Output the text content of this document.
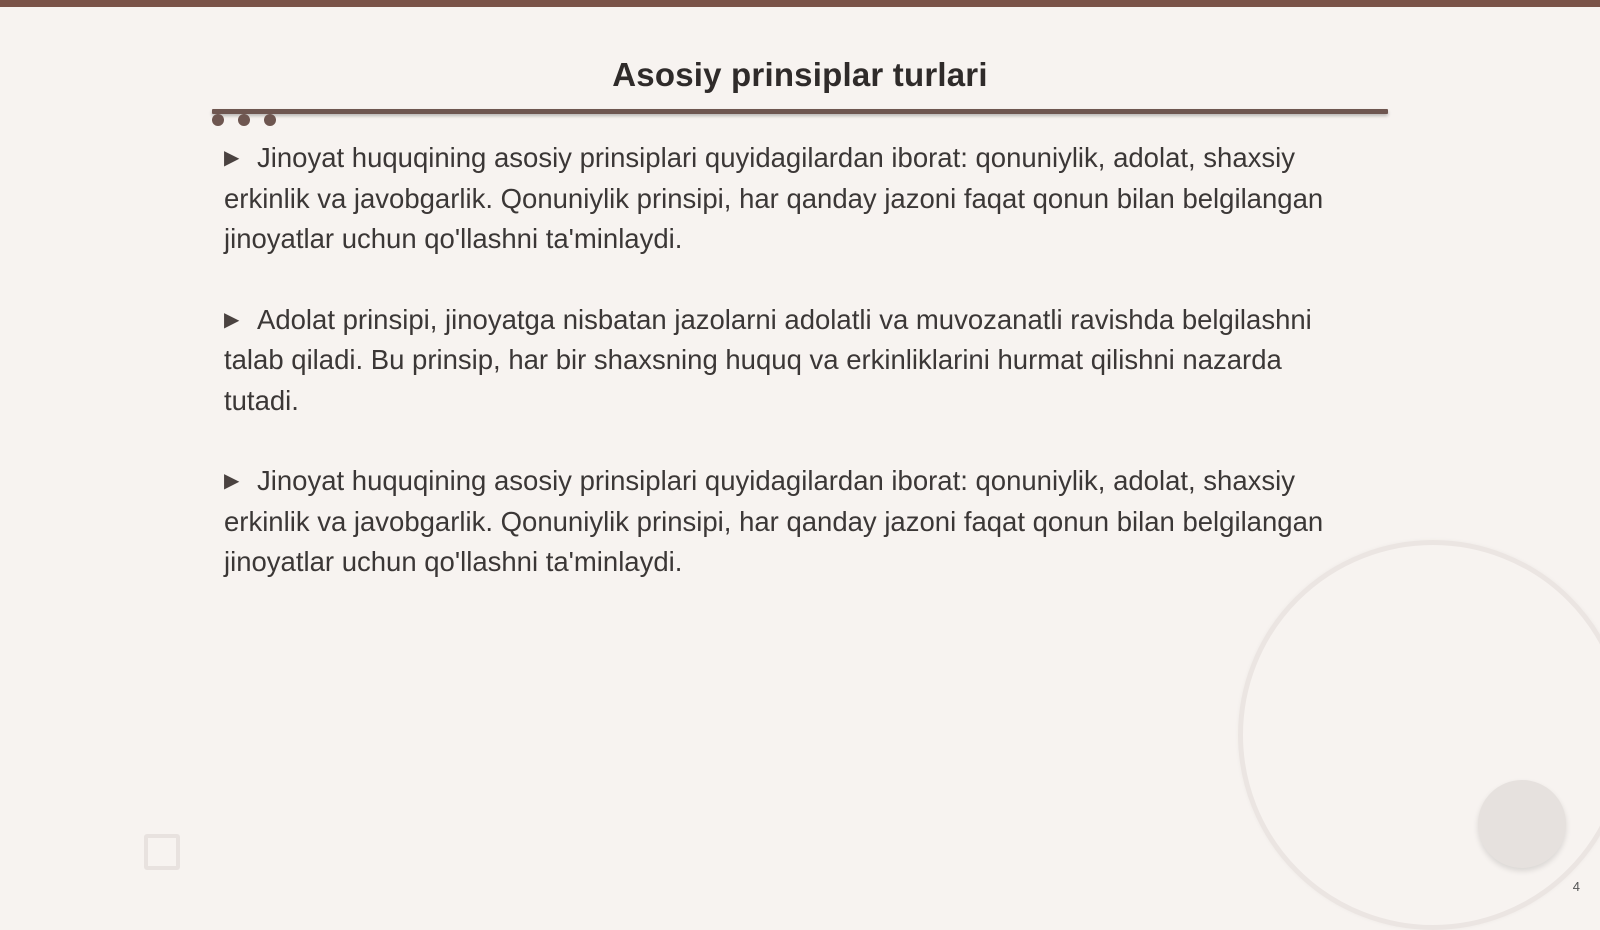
Asosiy prinsiplar turlari

▶ Jinoyat huquqining asosiy prinsiplari quyidagilardan iborat: qonuniylik, adolat, shaxsiy erkinlik va javobgarlik. Qonuniylik prinsipi, har qanday jazoni faqat qonun bilan belgilangan jinoyatlar uchun qo'llashni ta'minlaydi.

▶ Adolat prinsipi, jinoyatga nisbatan jazolarni adolatli va muvozanatli ravishda belgilashni talab qiladi. Bu prinsip, har bir shaxsning huquq va erkinliklarini hurmat qilishni nazarda tutadi.

▶ Jinoyat huquqining asosiy prinsiplari quyidagilardan iborat: qonuniylik, adolat, shaxsiy erkinlik va javobgarlik. Qonuniylik prinsipi, har qanday jazoni faqat qonun bilan belgilangan jinoyatlar uchun qo'llashni ta'minlaydi.

4
